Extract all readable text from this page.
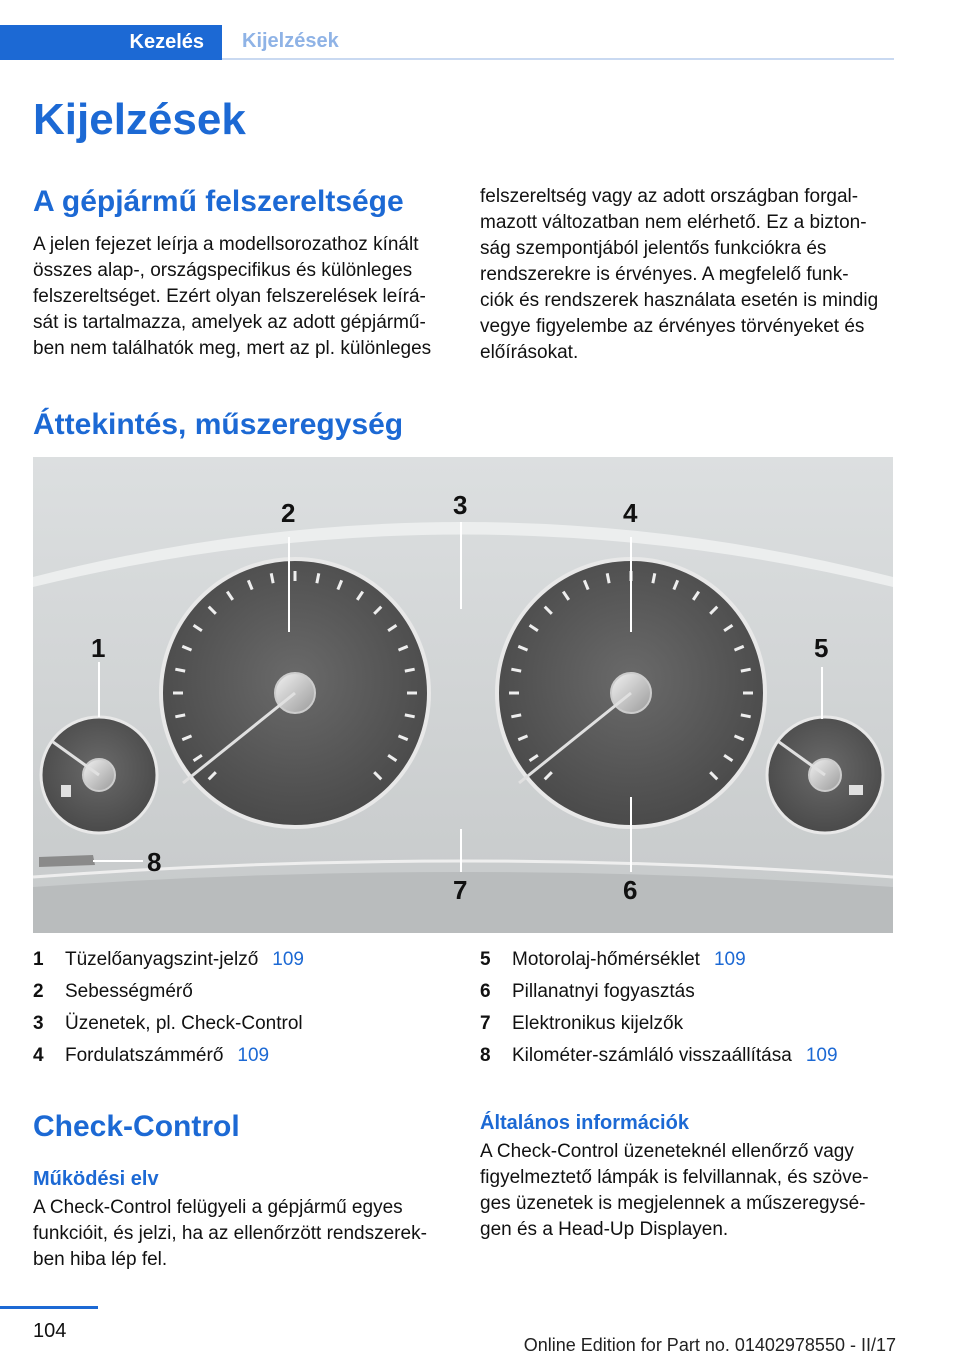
Kezelés	Kijelzések
Kijelzések
A gépjármű felszereltsége
A jelen fejezet leírja a modellsorozathoz kínált
összes alap-, országspecifikus és különleges
felszereltséget. Ezért olyan felszerelések leírá-
sát is tartalmazza, amelyek az adott gépjármű-
ben nem találhatók meg, mert az pl. különleges
felszereltség vagy az adott országban forgal-
mazott változatban nem elérhető. Ez a bizton-
ság szempontjából jelentős funkciókra és
rendszerekre is érvényes. A megfelelő funk-
ciók és rendszerek használata esetén is mindig
vegye figyelembe az érvényes törvényeket és
előírásokat.
Áttekintés, műszeregység
1
2	3	4
5
6
7
8
1	Tüzelőanyagszint-jelző 109
2	Sebességmérő
3	Üzenetek, pl. Check-Control
4	Fordulatszámmérő 109
5	Motorolaj-hőmérséklet 109
6	Pillanatnyi fogyasztás
7	Elektronikus kijelzők
8	Kilométer-számláló visszaállítása 109
Check-Control
Működési elv
A Check-Control felügyeli a gépjármű egyes
funkcióit, és jelzi, ha az ellenőrzött rendszerek-
ben hiba lép fel.
Általános információk
A Check-Control üzeneteknél ellenőrző vagy
figyelmeztető lámpák is felvillannak, és szöve-
ges üzenetek is megjelennek a műszeregysé-
gen és a Head-Up Displayen.
104
Online Edition for Part no. 01402978550 - II/17
